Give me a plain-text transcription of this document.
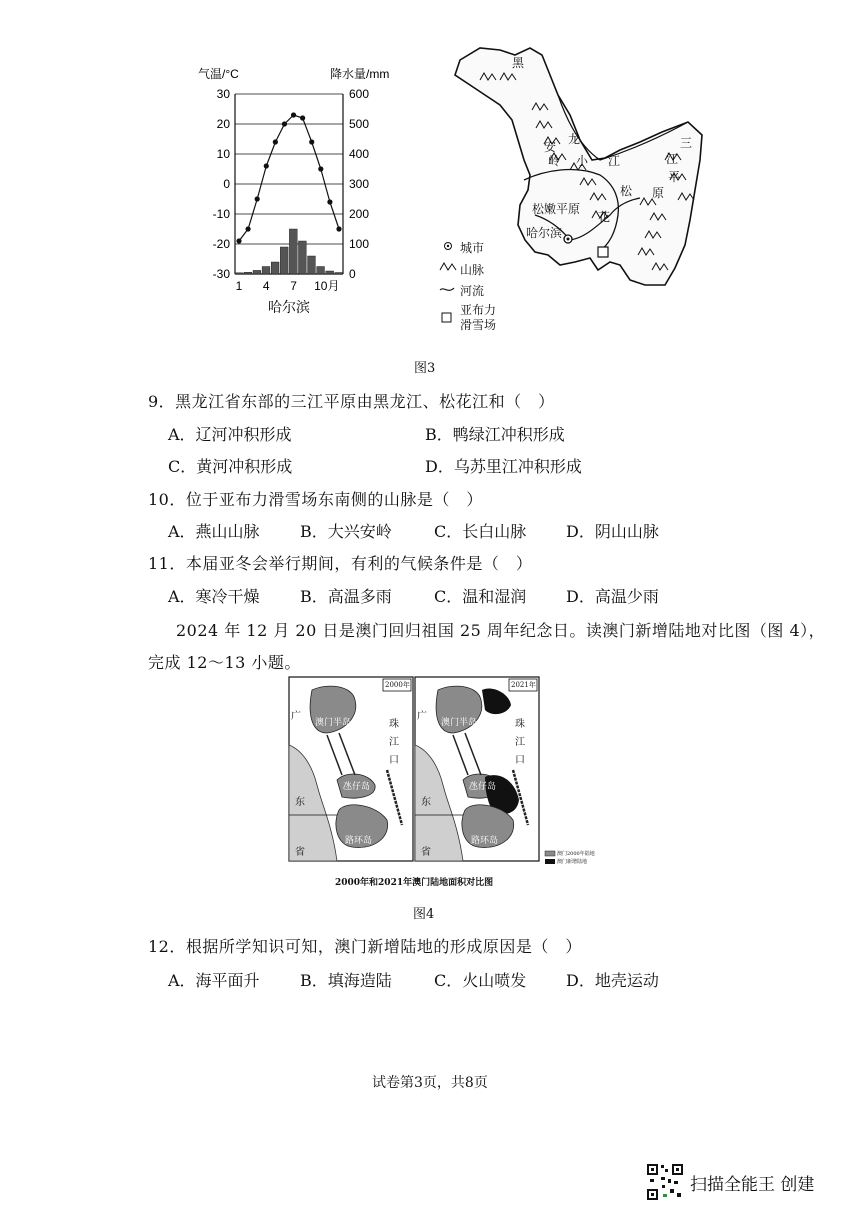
30
20
10
0
-10
-20
-30
600
500
400
300
200
100
0
1 4 7 10月
气温/°C	降水量/mm
哈尔滨
黑
龙
江
安
岭 小
松
花
松嫩平原
哈尔滨
三
江
平
原
城市
山脉
河流
亚布力
滑雪场
图3
9．黑龙江省东部的三江平原由黑龙江、松花江和（　）
A．辽河冲积形成	B．鸭绿江冲积形成
C．黄河冲积形成	D．乌苏里江冲积形成
10．位于亚布力滑雪场东南侧的山脉是（　）
A．燕山山脉	B．大兴安岭	C．长白山脉 D．阴山山脉
11．本届亚冬会举行期间，有利的气候条件是（　）
A．寒冷干燥	B．高温多雨	C．温和湿润 D．高温少雨
2024 年 12 月 20 日是澳门回归祖国 25 周年纪念日。读澳门新增陆地对比图（图 4），
完成 12～13 小题。
2000年	2021年
广
东
省
珠
江
口
澳门半岛
氹仔岛
路环岛
广
东
省
珠
江
口
澳门半岛
氹仔岛
路环岛
澳门2000年陆地
澳门新增陆地
2000年和2021年澳门陆地面积对比图
图4
12．根据所学知识可知，澳门新增陆地的形成原因是（　）
A．海平面升	B．填海造陆	C．火山喷发 D．地壳运动
试卷第3页，共8页
扫描全能王 创建
